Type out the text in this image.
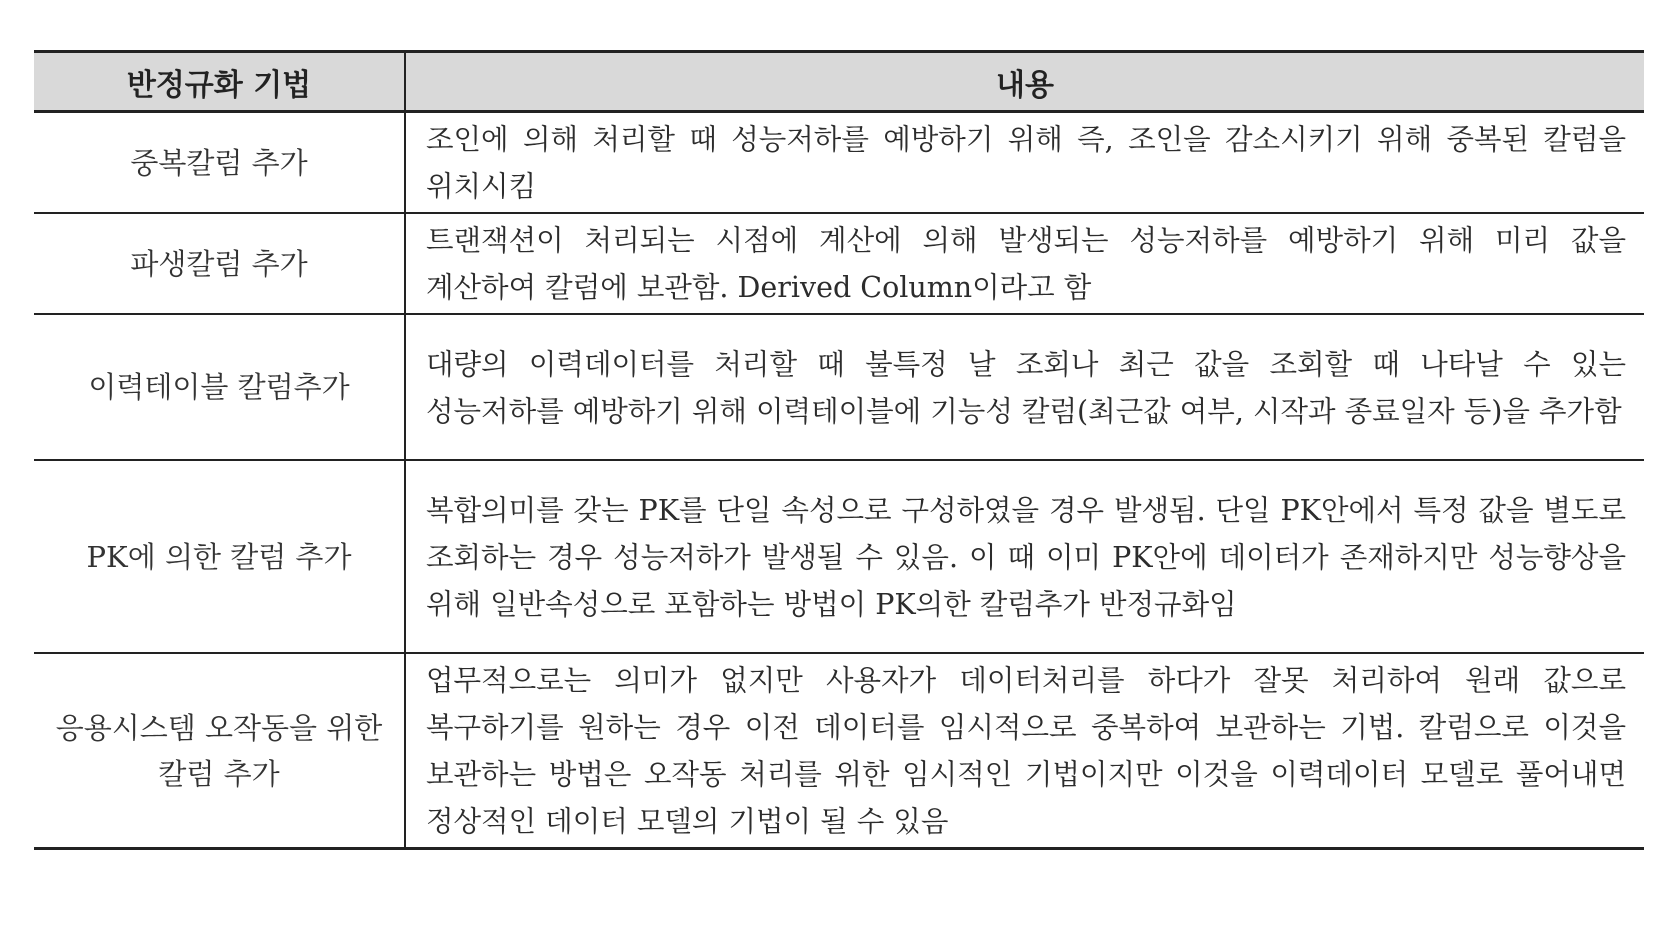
반정규화 기법	내용
중복칼럼 추가	조인에 의해 처리할 때 성능저하를 예방하기 위해 즉, 조인을 감소시키기 위해 중복된 칼럼을 위치시킴
파생칼럼 추가	트랜잭션이 처리되는 시점에 계산에 의해 발생되는 성능저하를 예방하기 위해 미리 값을 계산하여 칼럼에 보관함. Derived Column이라고 함
이력테이블 칼럼추가	대량의 이력데이터를 처리할 때 불특정 날 조회나 최근 값을 조회할 때 나타날 수 있는 성능저하를 예방하기 위해 이력테이블에 기능성 칼럼(최근값 여부, 시작과 종료일자 등)을 추가함
PK에 의한 칼럼 추가	복합의미를 갖는 PK를 단일 속성으로 구성하였을 경우 발생됨. 단일 PK안에서 특정 값을 별도로 조회하는 경우 성능저하가 발생될 수 있음. 이 때 이미 PK안에 데이터가 존재하지만 성능향상을 위해 일반속성으로 포함하는 방법이 PK의한 칼럼추가 반정규화임
응용시스템 오작동을 위한 칼럼 추가	업무적으로는 의미가 없지만 사용자가 데이터처리를 하다가 잘못 처리하여 원래 값으로 복구하기를 원하는 경우 이전 데이터를 임시적으로 중복하여 보관하는 기법. 칼럼으로 이것을 보관하는 방법은 오작동 처리를 위한 임시적인 기법이지만 이것을 이력데이터 모델로 풀어내면 정상적인 데이터 모델의 기법이 될 수 있음
